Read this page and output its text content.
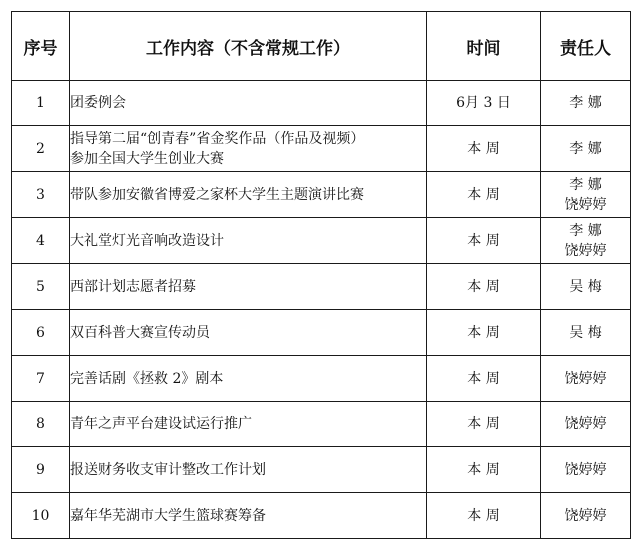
序号	工作内容（不含常规工作）	时间	责任人
1	团委例会	6月 3 日	李 娜

2	指导第二届“创青春”省金奖作品（作品及视频）
参加全国大学生创业大赛	本 周	李 娜

3	带队参加安徽省博爱之家杯大学生主题演讲比赛	本 周	李 娜
饶婷婷

4	大礼堂灯光音响改造设计	本 周	李 娜
饶婷婷

5	西部计划志愿者招募	本 周	吴 梅

6	双百科普大赛宣传动员	本 周	吴 梅

7	完善话剧《拯救 2》剧本	本 周	饶婷婷

8	青年之声平台建设试运行推广	本 周	饶婷婷

9	报送财务收支审计整改工作计划	本 周	饶婷婷

10	嘉年华芜湖市大学生篮球赛筹备	本 周	饶婷婷
